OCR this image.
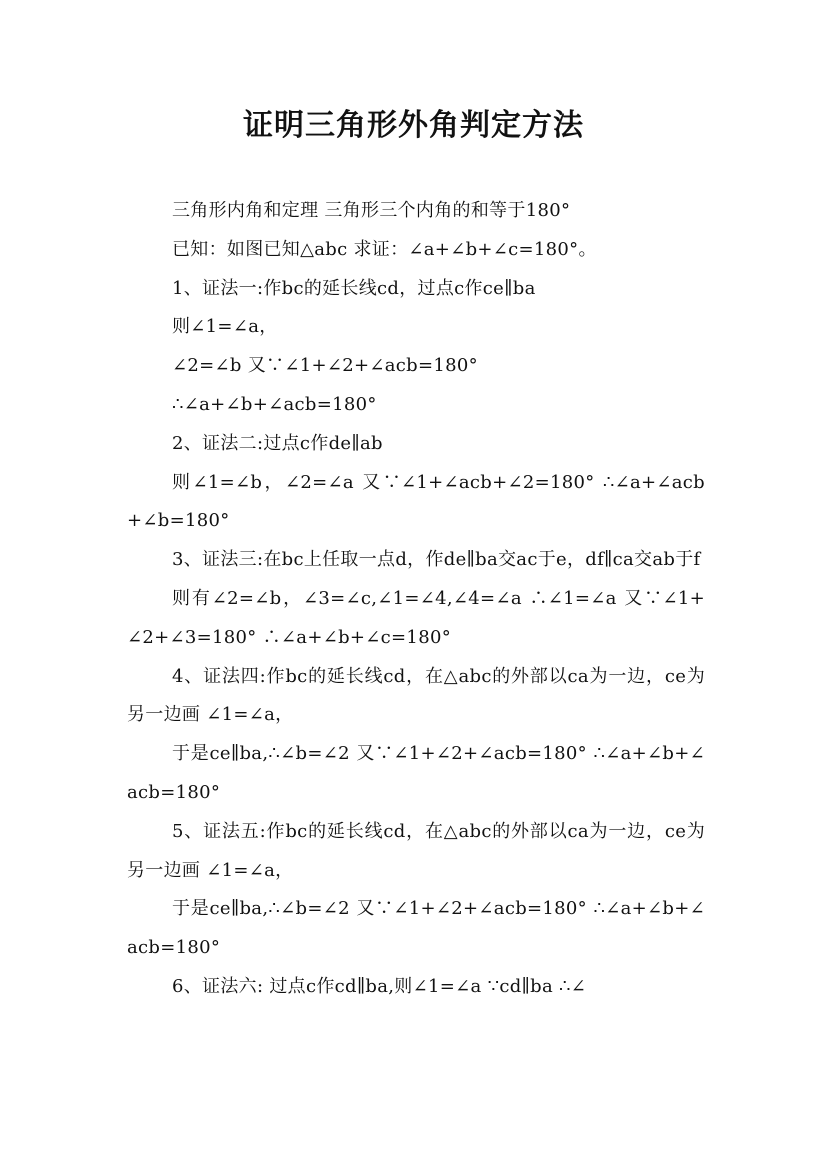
证明三角形外角判定方法

三角形内角和定理 三角形三个内角的和等于180°

已知：如图已知△abc 求证：∠a+∠b+∠c=180°。

1、证法一:作bc的延长线cd，过点c作ce∥ba

则∠1=∠a，

∠2=∠b 又∵∠1+∠2+∠acb=180°

∴∠a+∠b+∠acb=180°

2、证法二:过点c作de∥ab

则∠1=∠b，∠2=∠a 又∵∠1+∠acb+∠2=180° ∴∠a+∠acb+∠b=180°

3、证法三:在bc上任取一点d，作de∥ba交ac于e，df∥ca交ab于f

则有∠2=∠b，∠3=∠c,∠1=∠4,∠4=∠a ∴∠1=∠a 又∵∠1+∠2+∠3=180° ∴∠a+∠b+∠c=180°

4、证法四:作bc的延长线cd，在△abc的外部以ca为一边，ce为另一边画 ∠1=∠a，

于是ce∥ba,∴∠b=∠2 又∵∠1+∠2+∠acb=180° ∴∠a+∠b+∠acb=180°

5、证法五:作bc的延长线cd，在△abc的外部以ca为一边，ce为另一边画 ∠1=∠a，

于是ce∥ba,∴∠b=∠2 又∵∠1+∠2+∠acb=180° ∴∠a+∠b+∠acb=180°

6、证法六: 过点c作cd∥ba,则∠1=∠a ∵cd∥ba ∴∠
